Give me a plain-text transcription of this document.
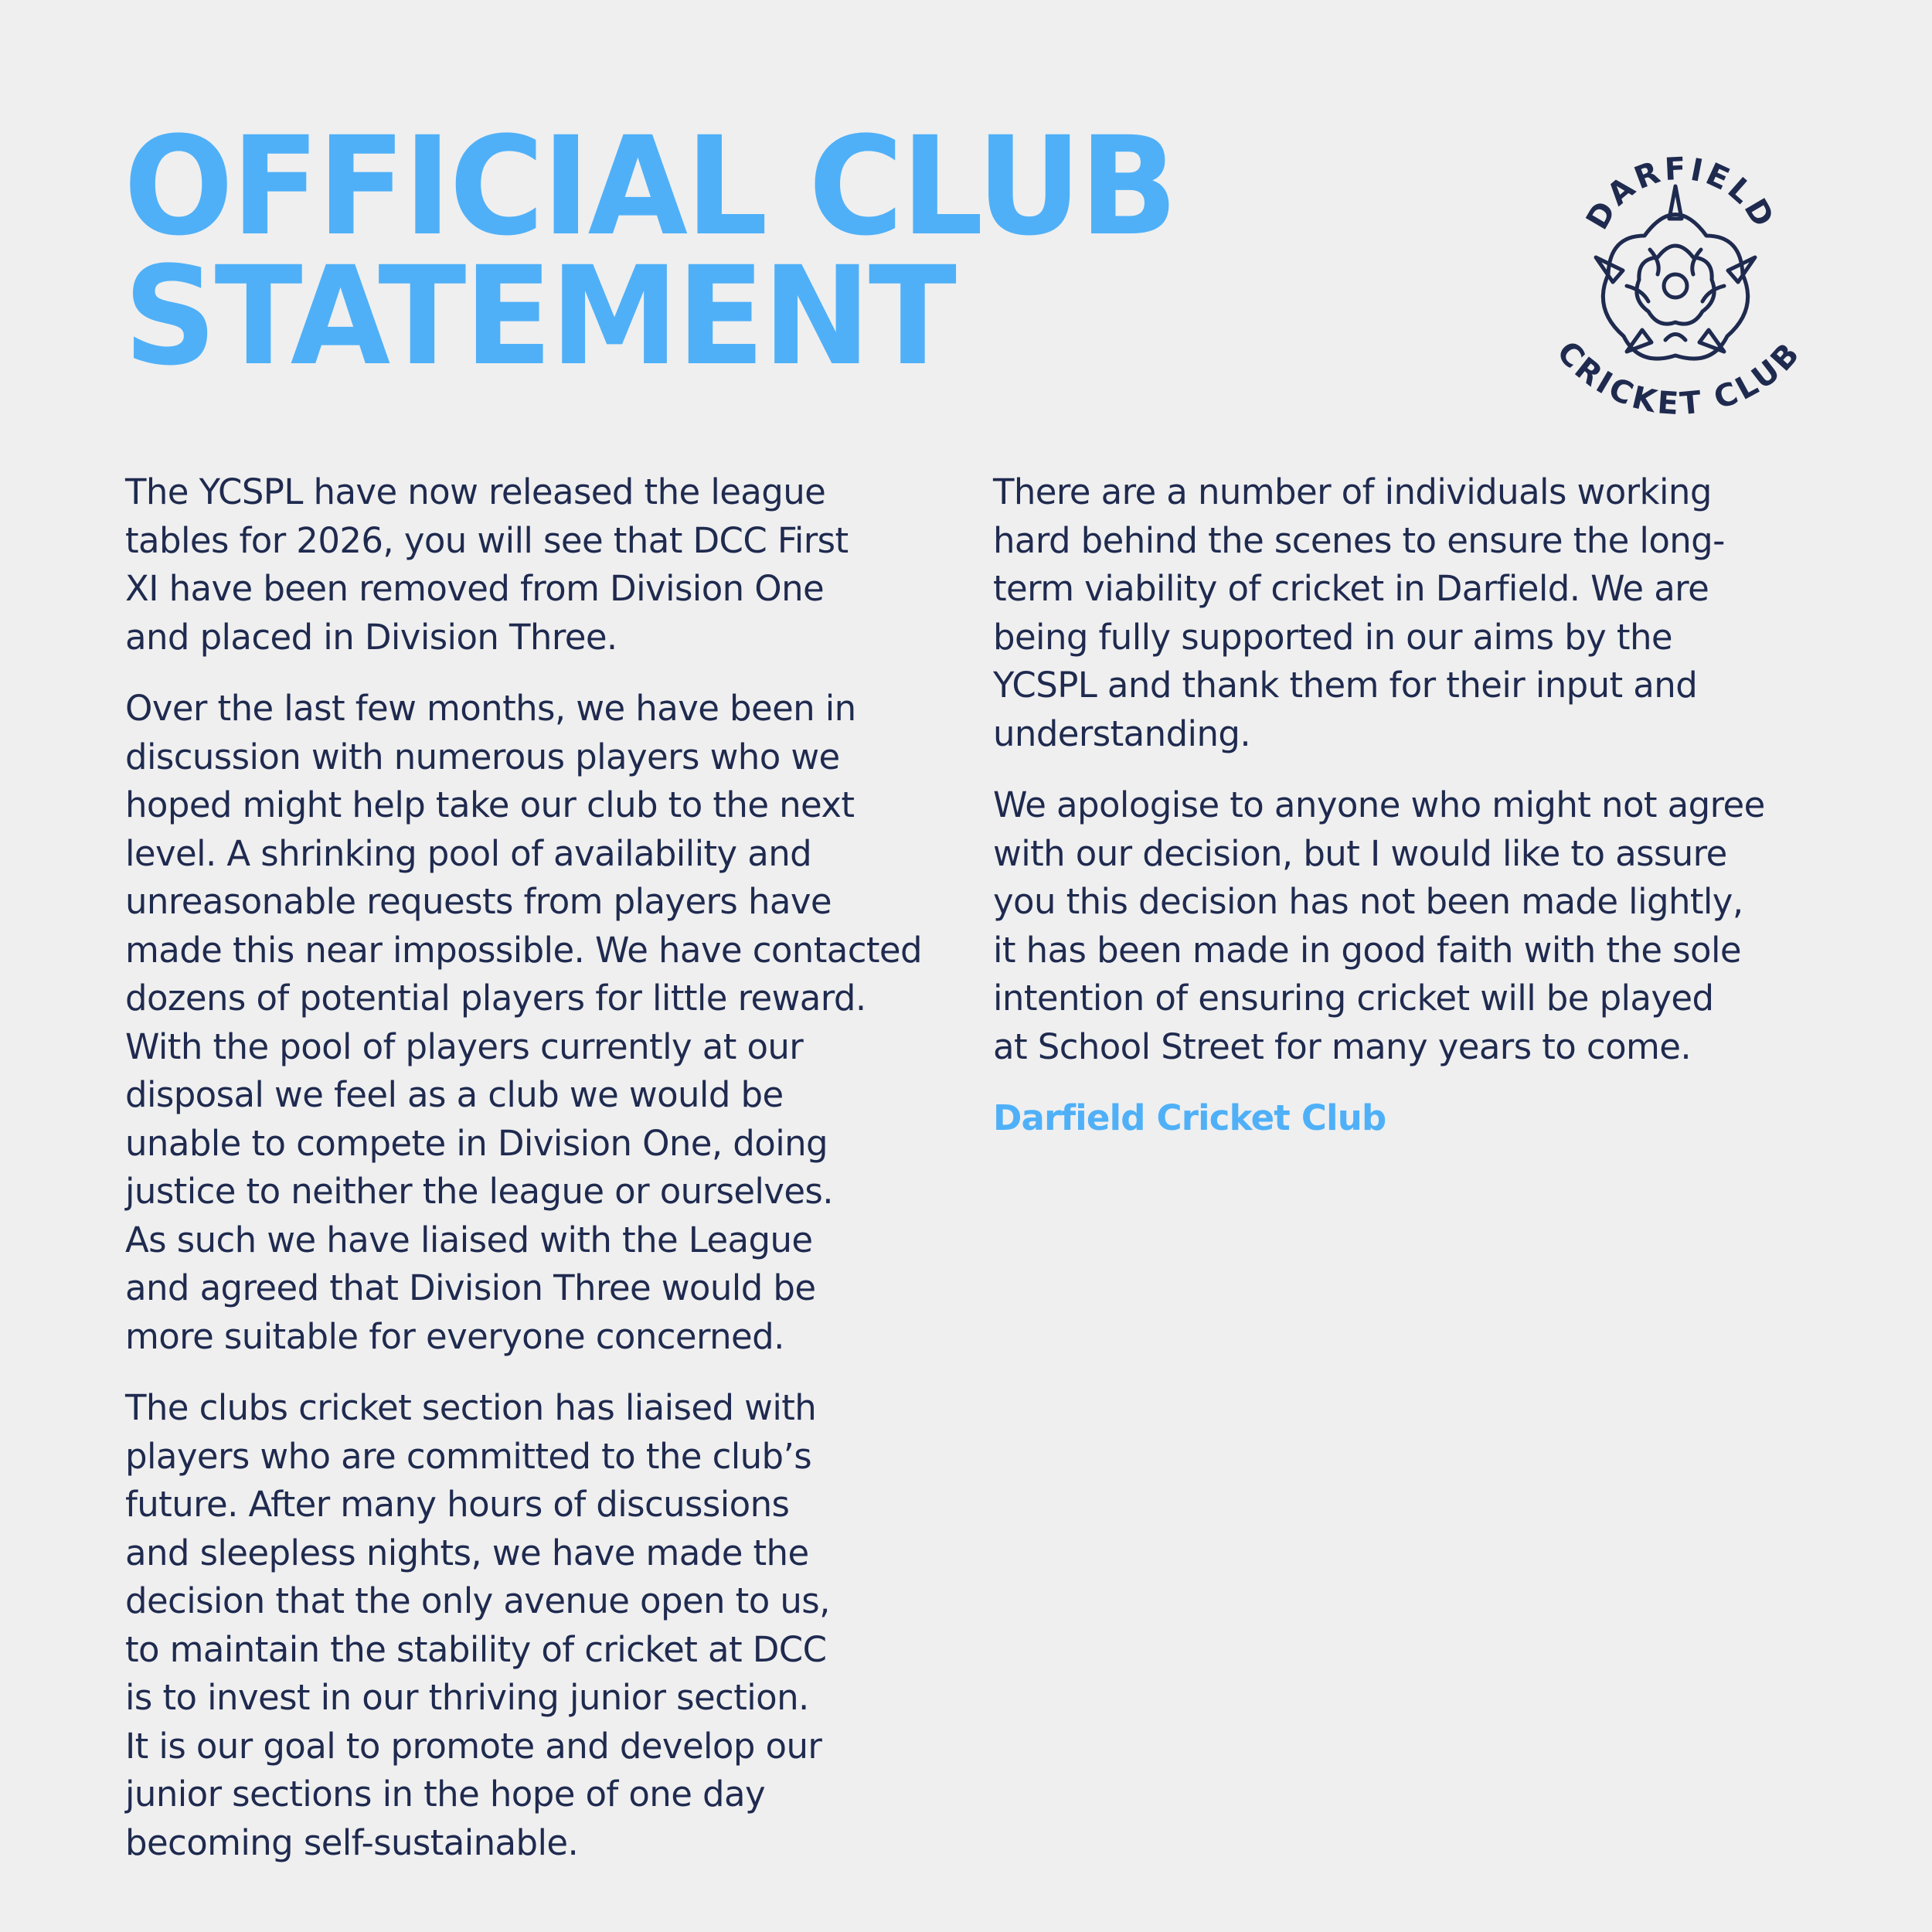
OFFICIAL CLUB
STATEMENT
DARFIELD
CRICKET CLUB

The YCSPL have now released the league
tables for 2026, you will see that DCC First
XI have been removed from Division One
and placed in Division Three.

Over the last few months, we have been in
discussion with numerous players who we
hoped might help take our club to the next
level. A shrinking pool of availability and
unreasonable requests from players have
made this near impossible. We have contacted
dozens of potential players for little reward.
With the pool of players currently at our
disposal we feel as a club we would be
unable to compete in Division One, doing
justice to neither the league or ourselves.
As such we have liaised with the League
and agreed that Division Three would be
more suitable for everyone concerned.

The clubs cricket section has liaised with
players who are committed to the club’s
future. After many hours of discussions
and sleepless nights, we have made the
decision that the only avenue open to us,
to maintain the stability of cricket at DCC
is to invest in our thriving junior section.
It is our goal to promote and develop our
junior sections in the hope of one day
becoming self-sustainable.

There are a number of individuals working
hard behind the scenes to ensure the long-
term viability of cricket in Darfield. We are
being fully supported in our aims by the
YCSPL and thank them for their input and
understanding.

We apologise to anyone who might not agree
with our decision, but I would like to assure
you this decision has not been made lightly,
it has been made in good faith with the sole
intention of ensuring cricket will be played
at School Street for many years to come.

Darfield Cricket Club
